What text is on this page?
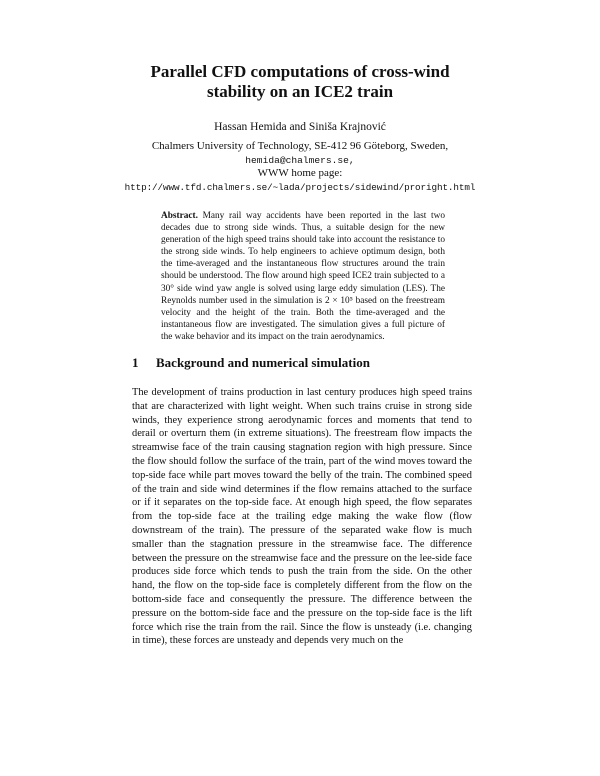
Parallel CFD computations of cross-wind
stability on an ICE2 train
Hassan Hemida and Siniša Krajnović
Chalmers University of Technology, SE-412 96 Göteborg, Sweden,
hemida@chalmers.se,
WWW home page:
http://www.tfd.chalmers.se/~lada/projects/sidewind/proright.html
Abstract. Many rail way accidents have been reported in the last two decades due to strong side winds. Thus, a suitable design for the new generation of the high speed trains should take into account the resistance to the strong side winds. To help engineers to achieve optimum design, both the time-averaged and the instantaneous flow structures around the train should be understood. The flow around high speed ICE2 train subjected to a 30° side wind yaw angle is solved using large eddy simulation (LES). The Reynolds number used in the simulation is 2 × 10⁵ based on the freestream velocity and the height of the train. Both the time-averaged and the instantaneous flow are investigated. The simulation gives a full picture of the wake behavior and its impact on the train aerodynamics.
1 Background and numerical simulation
The development of trains production in last century produces high speed trains that are characterized with light weight. When such trains cruise in strong side winds, they experience strong aerodynamic forces and moments that tend to derail or overturn them (in extreme situations). The freestream flow impacts the streamwise face of the train causing stagnation region with high pressure. Since the flow should follow the surface of the train, part of the wind moves toward the top-side face while part moves toward the belly of the train. The combined speed of the train and side wind determines if the flow remains attached to the surface or if it separates on the top-side face. At enough high speed, the flow separates from the top-side face at the trailing edge making the wake flow (flow downstream of the train). The pressure of the separated wake flow is much smaller than the stagnation pressure in the streamwise face. The difference between the pressure on the streamwise face and the pressure on the lee-side face produces side force which tends to push the train from the side. On the other hand, the flow on the top-side face is completely different from the flow on the bottom-side face and consequently the pressure. The difference between the pressure on the bottom-side face and the pressure on the top-side face is the lift force which rise the train from the rail. Since the flow is unsteady (i.e. changing in time), these forces are unsteady and depends very much on the
